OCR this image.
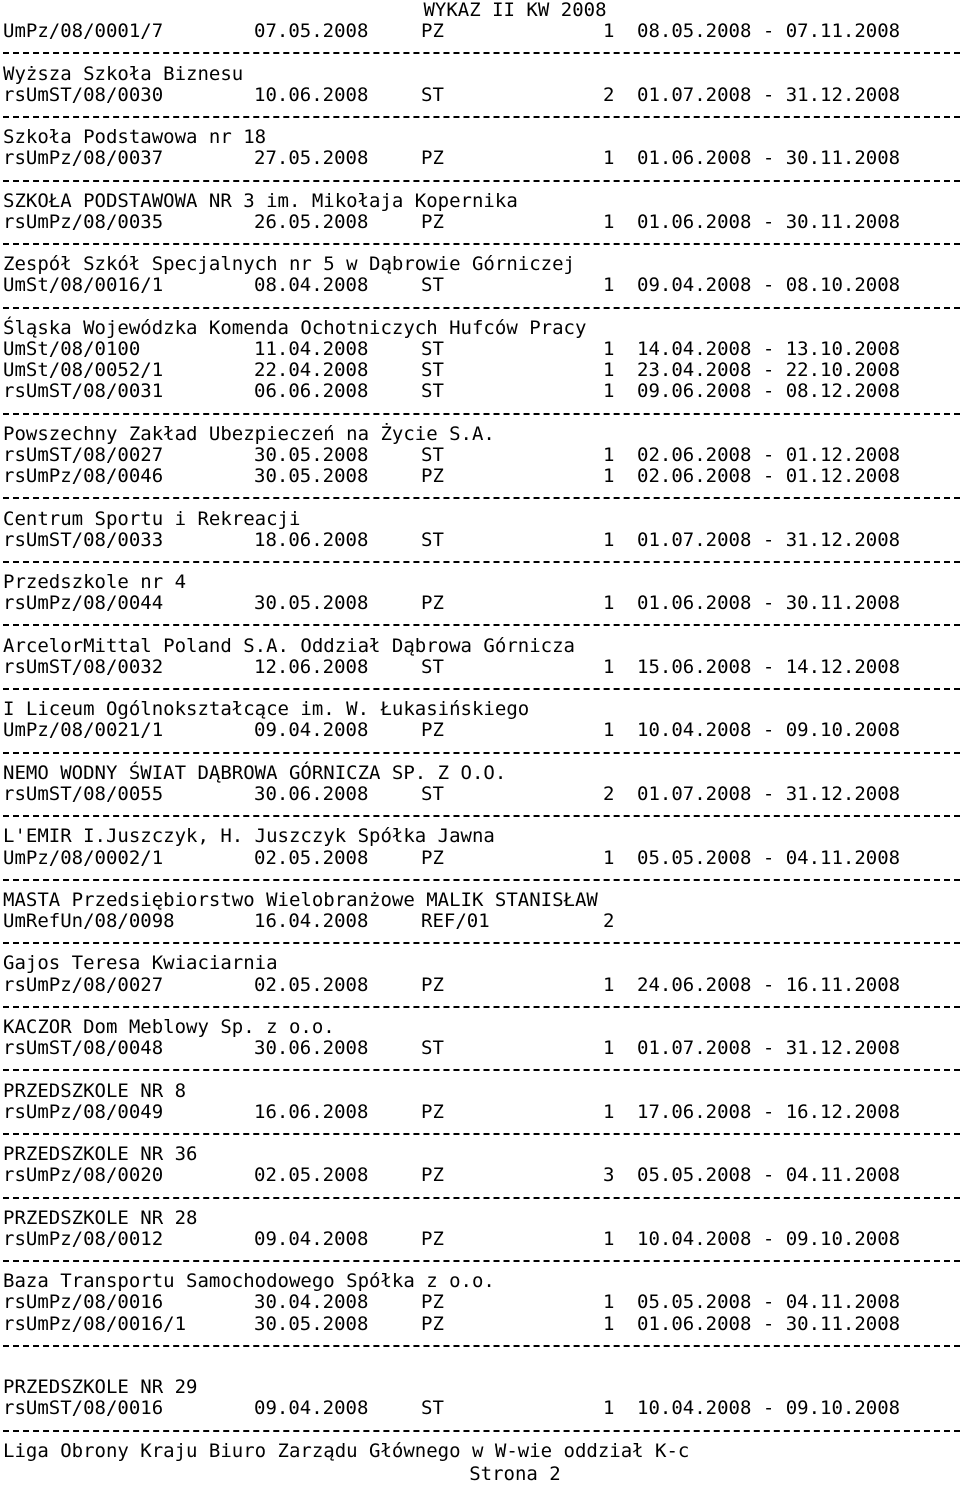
WYKAZ II KW 2008
UmPz/08/0001/7	07.05.2008	PZ	1 08.05.2008 - 07.11.2008
Wyższa Szkoła Biznesu
rsUmST/08/0030	10.06.2008	ST	2 01.07.2008 - 31.12.2008
Szkoła Podstawowa nr 18
rsUmPz/08/0037	27.05.2008	PZ	1 01.06.2008 - 30.11.2008
SZKOŁA PODSTAWOWA NR 3 im. Mikołaja Kopernika
rsUmPz/08/0035	26.05.2008	PZ	1 01.06.2008 - 30.11.2008
Zespół Szkół Specjalnych nr 5 w Dąbrowie Górniczej
UmSt/08/0016/1	08.04.2008	ST	1 09.04.2008 - 08.10.2008
Śląska Wojewódzka Komenda Ochotniczych Hufców Pracy
UmSt/08/0100	11.04.2008	ST	1 14.04.2008 - 13.10.2008
UmSt/08/0052/1	22.04.2008	ST	1 23.04.2008 - 22.10.2008
rsUmST/08/0031	06.06.2008	ST	1 09.06.2008 - 08.12.2008
Powszechny Zakład Ubezpieczeń na Życie S.A.
rsUmST/08/0027	30.05.2008	ST	1 02.06.2008 - 01.12.2008
rsUmPz/08/0046	30.05.2008	PZ	1 02.06.2008 - 01.12.2008
Centrum Sportu i Rekreacji
rsUmST/08/0033	18.06.2008	ST	1 01.07.2008 - 31.12.2008
Przedszkole nr 4
rsUmPz/08/0044	30.05.2008	PZ	1 01.06.2008 - 30.11.2008
ArcelorMittal Poland S.A. Oddział Dąbrowa Górnicza
rsUmST/08/0032	12.06.2008	ST	1 15.06.2008 - 14.12.2008
I Liceum Ogólnokształcące im. W. Łukasińskiego
UmPz/08/0021/1	09.04.2008	PZ	1 10.04.2008 - 09.10.2008
NEMO WODNY ŚWIAT DĄBROWA GÓRNICZA SP. Z O.O.
rsUmST/08/0055	30.06.2008	ST	2 01.07.2008 - 31.12.2008
L'EMIR I.Juszczyk, H. Juszczyk Spółka Jawna
UmPz/08/0002/1	02.05.2008	PZ	1 05.05.2008 - 04.11.2008
MASTA Przedsiębiorstwo Wielobranżowe MALIK STANISŁAW
UmRefUn/08/0098	16.04.2008	REF/01	2
Gajos Teresa Kwiaciarnia
rsUmPz/08/0027	02.05.2008	PZ	1 24.06.2008 - 16.11.2008
KACZOR Dom Meblowy Sp. z o.o.
rsUmST/08/0048	30.06.2008	ST	1 01.07.2008 - 31.12.2008
PRZEDSZKOLE NR 8
rsUmPz/08/0049	16.06.2008	PZ	1 17.06.2008 - 16.12.2008
PRZEDSZKOLE NR 36
rsUmPz/08/0020	02.05.2008	PZ	3 05.05.2008 - 04.11.2008
PRZEDSZKOLE NR 28
rsUmPz/08/0012	09.04.2008	PZ	1 10.04.2008 - 09.10.2008
Baza Transportu Samochodowego Spółka z o.o.
rsUmPz/08/0016	30.04.2008	PZ	1 05.05.2008 - 04.11.2008
rsUmPz/08/0016/1	30.05.2008	PZ	1 01.06.2008 - 30.11.2008
PRZEDSZKOLE NR 29
rsUmST/08/0016	09.04.2008	ST	1 10.04.2008 - 09.10.2008
Liga Obrony Kraju Biuro Zarządu Głównego w W-wie oddział K-c
Strona 2
